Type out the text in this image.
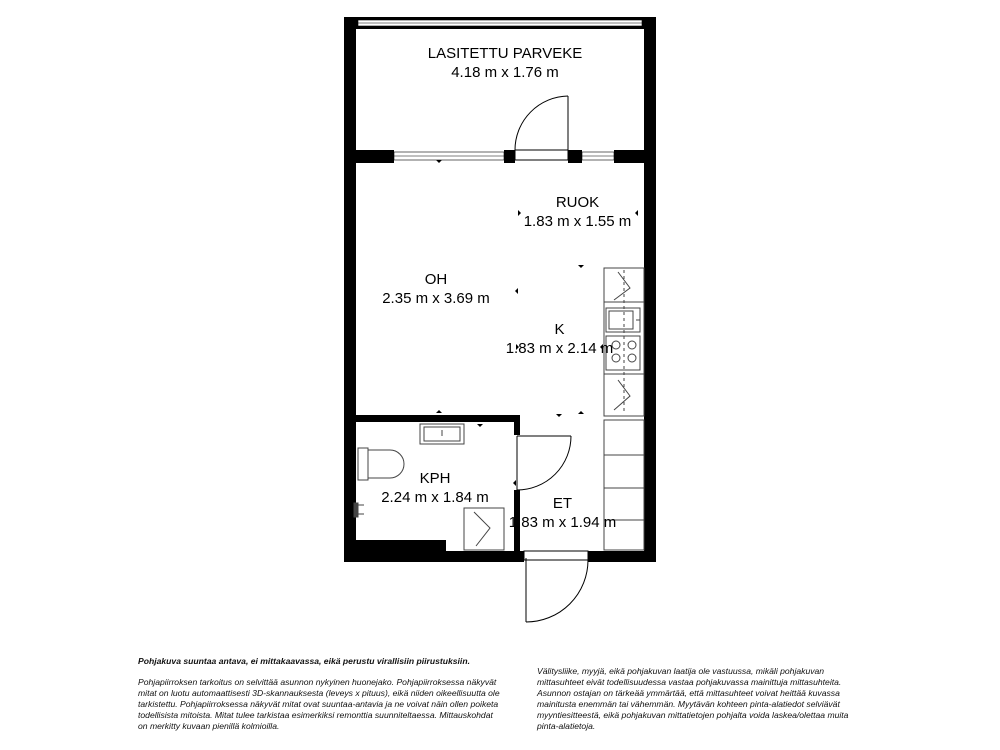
LASITETTU PARVEKE
4.18 m x 1.76 m
RUOK
1.83 m x 1.55 m
OH
2.35 m x 3.69 m
K
1.83 m x 2.14 m
KPH
2.24 m x 1.84 m	ET
1.83 m x 1.94 m

Pohjakuva suuntaa antava, ei mittakaavassa, eikä perustu virallisiin piirustuksiin.

Pohjapiirroksen tarkoitus on selvittää asunnon nykyinen huonejako. Pohjapiirroksessa näkyvät mitat on luotu automaattisesti 3D-skannauksesta (leveys x pituus), eikä niiden oikeellisuutta ole tarkistettu. Pohjapiirroksessa näkyvät mitat ovat suuntaa-antavia ja ne voivat näin ollen poiketa todellisista mitoista. Mitat tulee tarkistaa esimerkiksi remonttia suunniteltaessa. Mittauskohdat on merkitty kuvaan pienillä kolmioilla.

Välitysliike, myyjä, eikä pohjakuvan laatija ole vastuussa, mikäli pohjakuvan mittasuhteet eivät todellisuudessa vastaa pohjakuvassa mainittuja mittasuhteita. Asunnon ostajan on tärkeää ymmärtää, että mittasuhteet voivat heittää kuvassa mainitusta enemmän tai vähemmän. Myytävän kohteen pinta-alatiedot selviävät myyntiesitteestä, eikä pohjakuvan mittatietojen pohjalta voida laskea/olettaa muita pinta-alatietoja.
